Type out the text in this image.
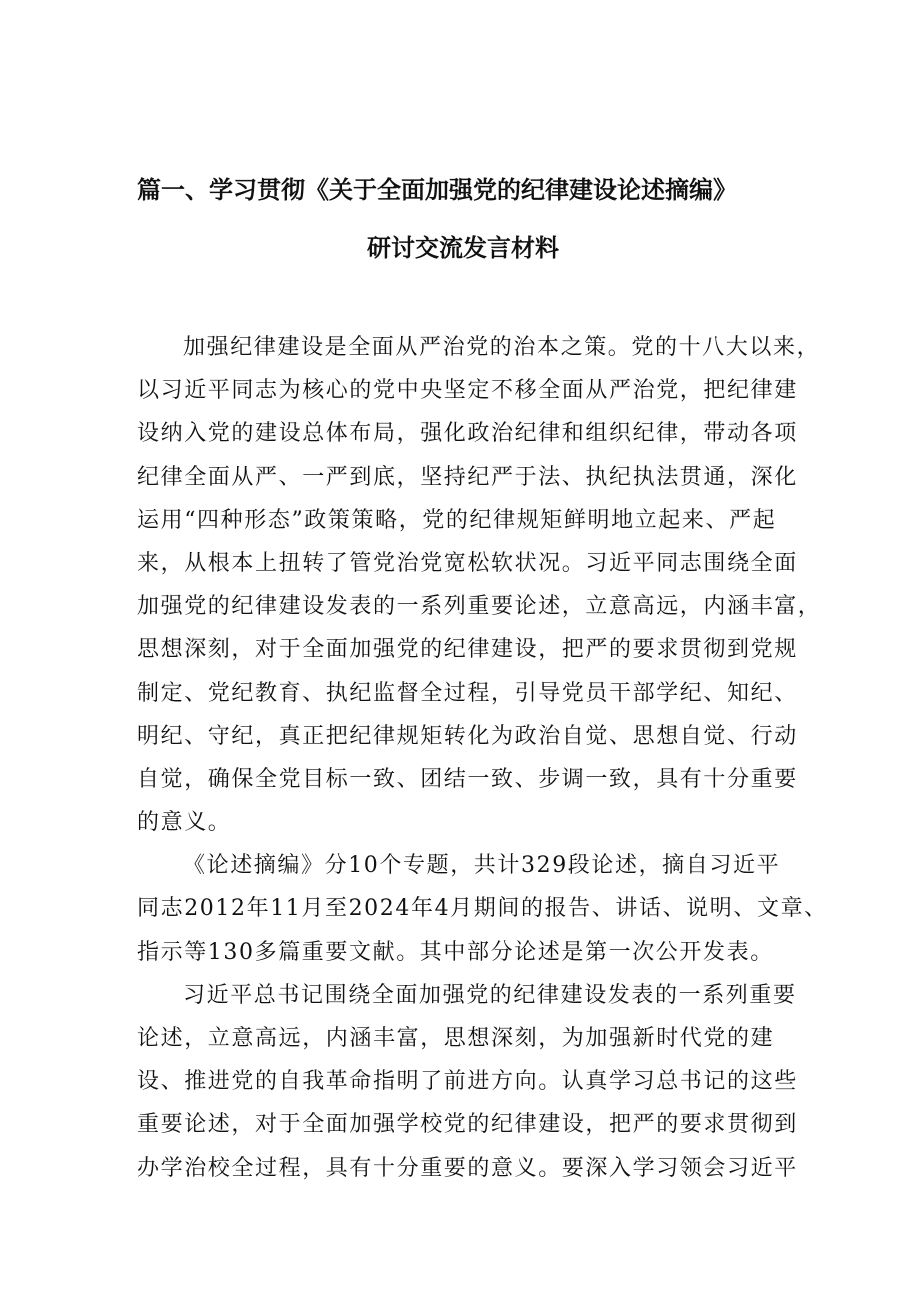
篇一、学习贯彻《关于全面加强党的纪律建设论述摘编》
研讨交流发言材料
加强纪律建设是全面从严治党的治本之策。党的十八大以来，
以习近平同志为核心的党中央坚定不移全面从严治党，把纪律建
设纳入党的建设总体布局，强化政治纪律和组织纪律，带动各项
纪律全面从严、一严到底，坚持纪严于法、执纪执法贯通，深化
运用“四种形态”政策策略，党的纪律规矩鲜明地立起来、严起
来，从根本上扭转了管党治党宽松软状况。习近平同志围绕全面
加强党的纪律建设发表的一系列重要论述，立意高远，内涵丰富，
思想深刻，对于全面加强党的纪律建设，把严的要求贯彻到党规
制定、党纪教育、执纪监督全过程，引导党员干部学纪、知纪、
明纪、守纪，真正把纪律规矩转化为政治自觉、思想自觉、行动
自觉，确保全党目标一致、团结一致、步调一致，具有十分重要
的意义。
《论述摘编》分10个专题，共计329段论述，摘自习近平
同志2012年11月至2024年4月期间的报告、讲话、说明、文章、
指示等130多篇重要文献。其中部分论述是第一次公开发表。
习近平总书记围绕全面加强党的纪律建设发表的一系列重要
论述，立意高远，内涵丰富，思想深刻，为加强新时代党的建
设、推进党的自我革命指明了前进方向。认真学习总书记的这些
重要论述，对于全面加强学校党的纪律建设，把严的要求贯彻到
办学治校全过程，具有十分重要的意义。要深入学习领会习近平
